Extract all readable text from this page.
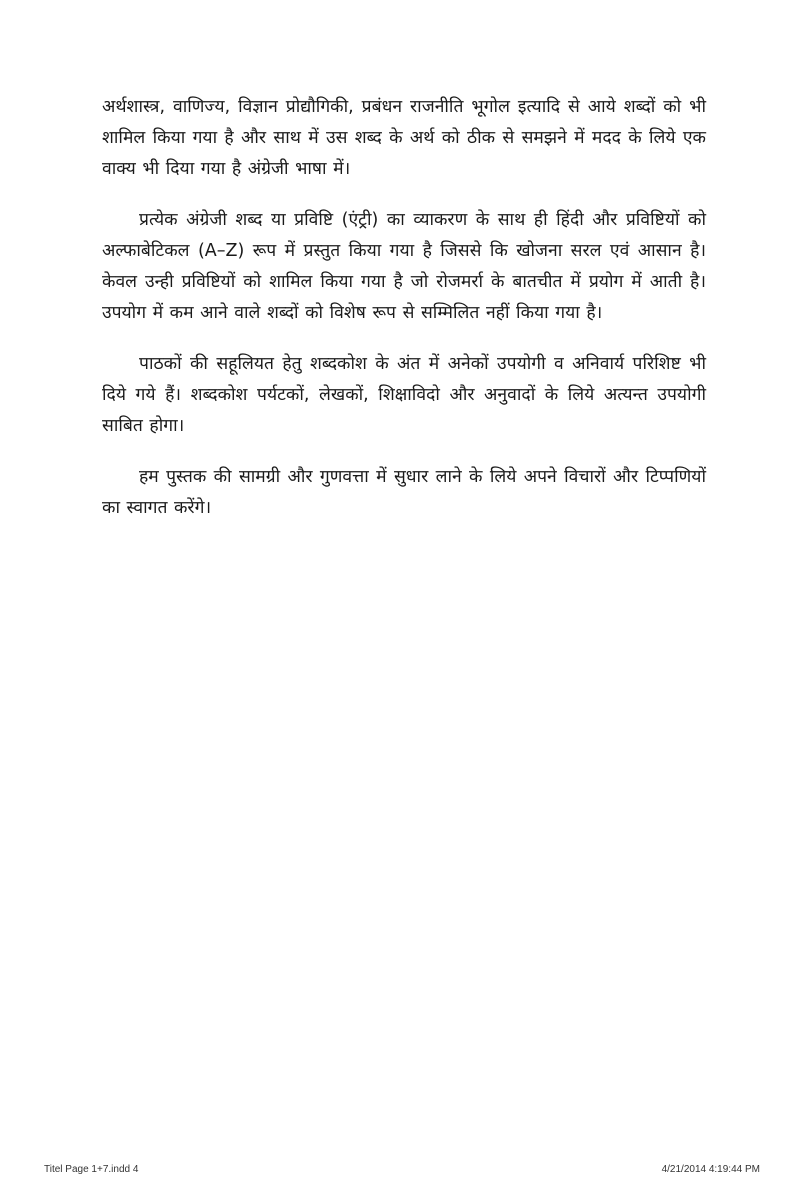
अर्थशास्त्र, वाणिज्य, विज्ञान प्रोद्यौगिकी, प्रबंधन राजनीति भूगोल इत्यादि से आये शब्दों को भी शामिल किया गया है और साथ में उस शब्द के अर्थ को ठीक से समझने में मदद के लिये एक वाक्य भी दिया गया है अंग्रेजी भाषा में।

प्रत्येक अंग्रेजी शब्द या प्रविष्टि (एंट्री) का व्याकरण के साथ ही हिंदी और प्रविष्टियों को अल्फाबेटिकल (A–Z) रूप में प्रस्तुत किया गया है जिससे कि खोजना सरल एवं आसान है। केवल उन्ही प्रविष्टियों को शामिल किया गया है जो रोजमर्रा के बातचीत में प्रयोग में आती है। उपयोग में कम आने वाले शब्दों को विशेष रूप से सम्मिलित नहीं किया गया है।

पाठकों की सहूलियत हेतु शब्दकोश के अंत में अनेकों उपयोगी व अनिवार्य परिशिष्ट भी दिये गये हैं। शब्दकोश पर्यटकों, लेखकों, शिक्षाविदो और अनुवादों के लिये अत्यन्त उपयोगी साबित होगा।

हम पुस्तक की सामग्री और गुणवत्ता में सुधार लाने के लिये अपने विचारों और टिप्पणियों का स्वागत करेंगे।

Titel Page 1+7.indd 4	4/21/2014 4:19:44 PM
